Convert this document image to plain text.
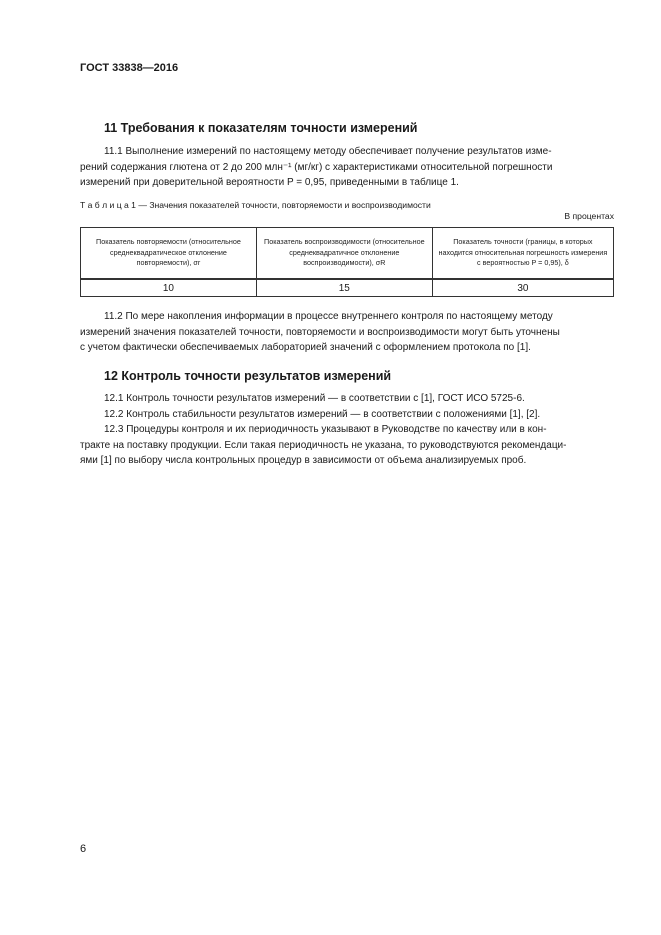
ГОСТ 33838—2016
11 Требования к показателям точности измерений

11.1 Выполнение измерений по настоящему методу обеспечивает получение результатов изме-

рений содержания глютена от 2 до 200 млн⁻¹ (мг/кг) с характеристиками относительной погрешности
измерений при доверительной вероятности P = 0,95, приведенными в таблице 1.
Т а б л и ц а 1 — Значения показателей точности, повторяемости и воспроизводимости
В процентах
Показатель повторяемости (относительное среднеквадратическое отклонение повторяемости), σr	Показатель воспроизводимости (относительное среднеквадратичное отклонение воспроизводимости), σR	Показатель точности (границы, в которых находится относительная погрешность измерения с вероятностью P = 0,95), δ
10	15	30

11.2 По мере накопления информации в процессе внутреннего контроля по настоящему методу

измерений значения показателей точности, повторяемости и воспроизводимости могут быть уточнены
с учетом фактически обеспечиваемых лабораторией значений с оформлением протокола по [1].
12 Контроль точности результатов измерений

12.1 Контроль точности результатов измерений — в соответствии с [1], ГОСТ ИСО 5725-6.

12.2 Контроль стабильности результатов измерений — в соответствии с положениями [1], [2].

12.3 Процедуры контроля и их периодичность указывают в Руководстве по качеству или в кон-

тракте на поставку продукции. Если такая периодичность не указана, то руководствуются рекомендаци-
ями [1] по выбору числа контрольных процедур в зависимости от объема анализируемых проб.
6
